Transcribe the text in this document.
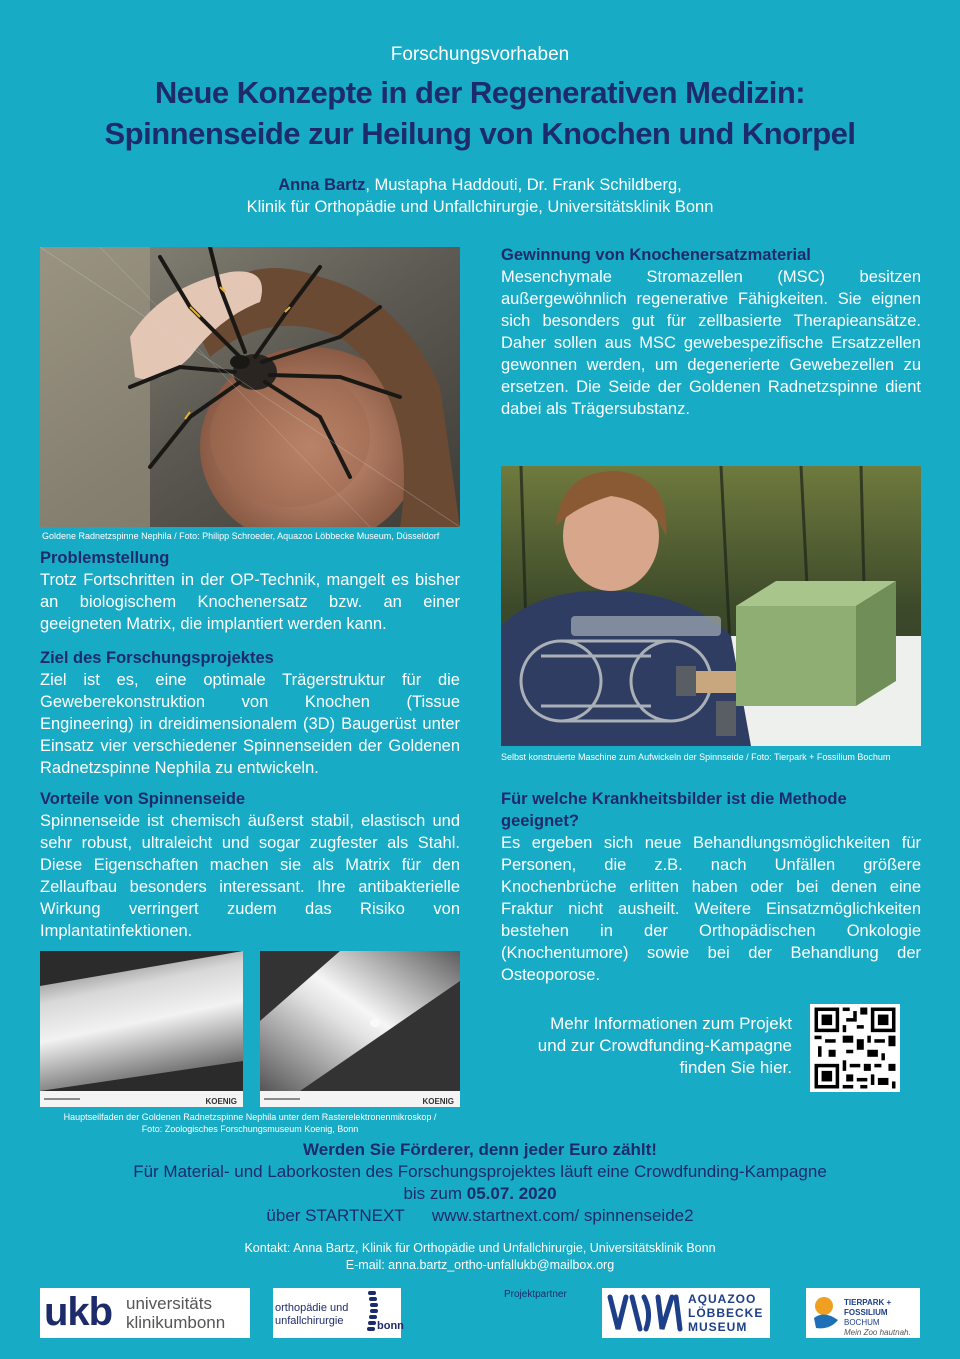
Forschungsvorhaben
Neue Konzepte in der Regenerativen Medizin:
Spinnenseide zur Heilung von Knochen und Knorpel
Anna Bartz, Mustapha Haddouti, Dr. Frank Schildberg,
Klinik für Orthopädie und Unfallchirurgie, Universitätsklinik Bonn
Goldene Radnetzspinne Nephila / Foto: Philipp Schroeder, Aquazoo Löbbecke Museum, Düsseldorf
Gewinnung von Knochenersatzmaterial

Mesenchymale Stromazellen (MSC) besitzen außergewöhnlich regenerative Fähigkeiten. Sie eignen sich besonders gut für zellbasierte Therapieansätze. Daher sollen aus MSC gewebespezifische Ersatzzellen gewonnen werden, um degenerierte Gewebezellen zu ersetzen. Die Seide der Goldenen Radnetzspinne dient dabei als Trägersubstanz.

Selbst konstruierte Maschine zum Aufwickeln der Spinnseide / Foto: Tierpark + Fossilium Bochum
Problemstellung

Trotz Fortschritten in der OP-Technik, mangelt es bisher an biologischem Knochenersatz bzw. an einer geeigneten Matrix, die implantiert werden kann.

Ziel des Forschungsprojektes

Ziel ist es, eine optimale Trägerstruktur für die Geweberekonstruktion von Knochen (Tissue Engineering) in dreidimensionalem (3D) Baugerüst unter Einsatz vier verschiedener Spinnenseiden der Goldenen Radnetzspinne Nephila zu entwickeln.

Vorteile von Spinnenseide

Spinnenseide ist chemisch äußerst stabil, elastisch und sehr robust, ultraleicht und sogar zugfester als Stahl. Diese Eigenschaften machen sie als Matrix für den Zellaufbau besonders interessant. Ihre antibakterielle Wirkung verringert zudem das Risiko von Implantatinfektionen.

Für welche Krankheitsbilder ist die Methode geeignet?

Es ergeben sich neue Behandlungsmöglichkeiten für Personen, die z.B. nach Unfällen größere Knochenbrüche erlitten haben oder bei denen eine Fraktur nicht ausheilt. Weitere Einsatzmöglichkeiten bestehen in der Orthopädischen Onkologie (Knochentumore) sowie bei der Behandlung der Osteoporose.

KOENIG	KOENIG
Hauptseilfaden der Goldenen Radnetzspinne Nephila unter dem Rasterelektronenmikroskop /
Foto: Zoologisches Forschungsmuseum Koenig, Bonn
Mehr Informationen zum Projekt
und zur Crowdfunding-Kampagne
finden Sie hier.
Werden Sie Förderer, denn jeder Euro zählt!
Für Material- und Laborkosten des Forschungsprojektes läuft eine Crowdfunding-Kampagne
bis zum 05.07. 2020
über STARTNEXT www.startnext.com/ spinnenseide2
Kontakt: Anna Bartz, Klinik für Orthopädie und Unfallchirurgie, Universitätsklinik Bonn
E-mail: anna.bartz_ortho-unfallukb@mailbox.org
ukb universitäts
klinikumbonn
orthopädie und
unfallchirurgie	bonn
Projektpartner	AQUAZOO
LÖBBECKE
MUSEUM
TIERPARK +
FOSSILIUM BOCHUM
Mein Zoo hautnah.
